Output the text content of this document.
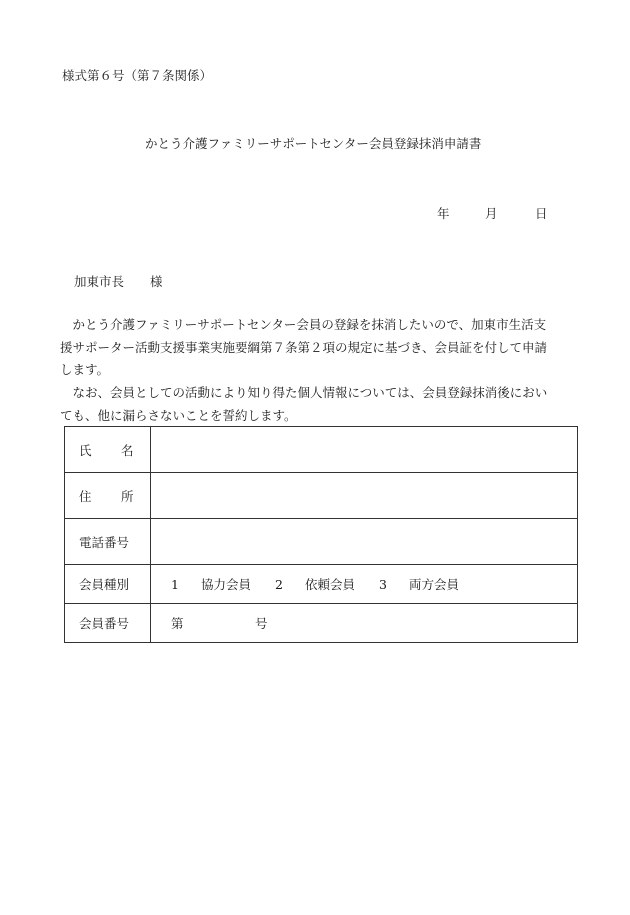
様式第６号（第７条関係）
かとう介護ファミリーサポートセンター会員登録抹消申請書
年	月	日
加東市長 様
　かとう介護ファミリーサポートセンター会員の登録を抹消したいので、加東市生活支
援サポーター活動支援事業実施要綱第７条第２項の規定に基づき、会員証を付して申請
します。
　なお、会員としての活動により知り得た個人情報については、会員登録抹消後におい
ても、他に漏らさないことを誓約します。
氏 名	
住 所	
電話番号	
会員種別	1 協力会員 2 依頼会員 3 両方会員
会員番号	第 号
